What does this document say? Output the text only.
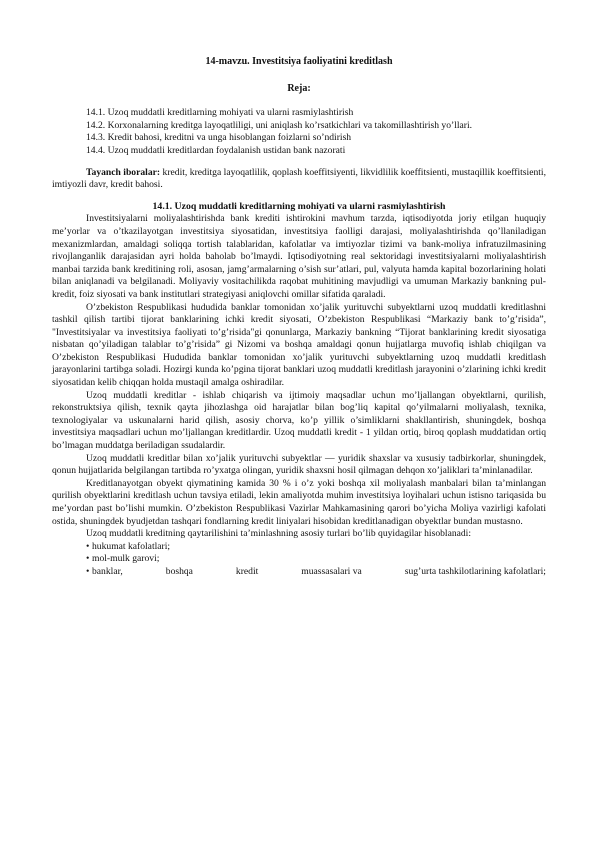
14-mavzu. Investitsiya faoliyatini kreditlash

Reja:

14.1. Uzoq muddatli kreditlarning mohiyati va ularni rasmiylashtirish

14.2. Korxonalarning kreditga layoqatliligi, uni aniqlash ko’rsatkichlari va takomillashtirish yo’llari.

14.3. Kredit bahosi, kreditni va unga hisoblangan foizlarni so’ndirish

14.4. Uzoq muddatli kreditlardan foydalanish ustidan bank nazorati

Tayanch iboralar: kredit, kreditga layoqatlilik, qoplash koeffitsiyenti, likvidlilik koeffitsienti, mustaqillik koeffitsienti, imtiyozli davr, kredit bahosi.

14.1. Uzoq muddatli kreditlarning mohiyati va ularni rasmiylashtirish

Investitsiyalarni moliyalashtirishda bank krediti ishtirokini mavhum tarzda, iqtisodiyotda joriy etilgan huquqiy me’yorlar va o’tkazilayotgan investitsiya siyosatidan, investitsiya faolligi darajasi, moliyalashtirishda qo’llaniladigan mexanizmlardan, amaldagi soliqqa tortish talablaridan, kafolatlar va imtiyozlar tizimi va bank-moliya infratuzilmasining rivojlanganlik darajasidan ayri holda baholab bo’lmaydi. Iqtisodiyotning real sektoridagi investitsiyalarni moliyalashtirish manbai tarzida bank kreditining roli, asosan, jamg’armalarning o’sish sur’atlari, pul, valyuta hamda kapital bozorlarining holati bilan aniqlanadi va belgilanadi. Moliyaviy vositachilikda raqobat muhitining mavjudligi va umuman Markaziy bankning pul-kredit, foiz siyosati va bank institutlari strategiyasi aniqlovchi omillar sifatida qaraladi.

O’zbekiston Respublikasi hududida banklar tomonidan xo’jalik yurituvchi subyektlarni uzoq muddatli kreditlashni tashkil qilish tartibi tijorat banklarining ichki kredit siyosati, O’zbekiston Respublikasi “Markaziy bank to’g’risida”, "Investitsiyalar va investitsiya faoliyati to’g’risida"gi qonunlarga, Markaziy bankning “Tijorat banklarining kredit siyosatiga nisbatan qo’yiladigan talablar to’g’risida” gi Nizomi va boshqa amaldagi qonun hujjatlarga muvofiq ishlab chiqilgan va O’zbekiston Respublikasi Hududida banklar tomonidan xo’jalik yurituvchi subyektlarning uzoq muddatli kreditlash jarayonlarini tartibga soladi. Hozirgi kunda ko’pgina tijorat banklari uzoq muddatli kreditlash jarayonini o’zlarining ichki kredit siyosatidan kelib chiqqan holda mustaqil amalga oshiradilar.

Uzoq muddatli kreditlar - ishlab chiqarish va ijtimoiy maqsadlar uchun mo’ljallangan obyektlarni, qurilish, rekonstruktsiya qilish, texnik qayta jihozlashga oid harajatlar bilan bog’liq kapital qo’yilmalarni moliyalash, texnika, texnologiyalar va uskunalarni harid qilish, asosiy chorva, ko’p yillik o’simliklarni shakllantirish, shuningdek, boshqa investitsiya maqsadlari uchun mo’ljallangan kreditlardir. Uzoq muddatli kredit - 1 yildan ortiq, biroq qoplash muddatidan ortiq bo’lmagan muddatga beriladigan ssudalardir.

Uzoq muddatli kreditlar bilan xo’jalik yurituvchi subyektlar — yuridik shaxslar va xususiy tadbirkorlar, shuningdek, qonun hujjatlarida belgilangan tartibda ro’yxatga olingan, yuridik shaxsni hosil qilmagan dehqon xo’jaliklari ta’minlanadilar.

Kreditlanayotgan obyekt qiymatining kamida 30 % i o’z yoki boshqa xil moliyalash manbalari bilan ta’minlangan qurilish obyektlarini kreditlash uchun tavsiya etiladi, lekin amaliyotda muhim investitsiya loyihalari uchun istisno tariqasida bu me’yordan past bo’lishi mumkin. O’zbekiston Respublikasi Vazirlar Mahkamasining qarori bo’yicha Moliya vazirligi kafolati ostida, shuningdek byudjetdan tashqari fondlarning kredit liniyalari hisobidan kreditlanadigan obyektlar bundan mustasno.

Uzoq muddatli kreditning qaytarilishini ta’minlashning asosiy turlari bo’lib quyidagilar hisoblanadi:

• hukumat kafolatlari;

• mol-mulk garovi;

• banklar,	boshqa	kredit	muassasalari va	sug’urta tashkilotlarining kafolatlari;
